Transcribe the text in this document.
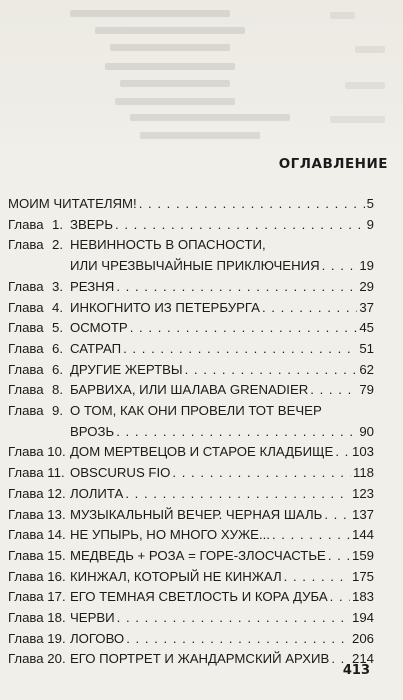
ОГЛАВЛЕНИЕ
МОИМ ЧИТАТЕЛЯМ! . . .	5
Глава 1. ЗВЕРЬ . . .	9
Глава 2. НЕВИННОСТЬ В ОПАСНОСТИ,
ИЛИ ЧРЕЗВЫЧАЙНЫЕ ПРИКЛЮЧЕНИЯ . . .	19
Глава 3. РЕЗНЯ . . .	29
Глава 4. ИНКОГНИТО ИЗ ПЕТЕРБУРГА . . .	37
Глава 5. ОСМОТР . . .	45
Глава 6. САТРАП . . .	51
Глава 6. ДРУГИЕ ЖЕРТВЫ . . .	62
Глава 8. БАРВИХА, ИЛИ ШАЛАВА GRENADIER . . .	79
Глава 9. О ТОМ, КАК ОНИ ПРОВЕЛИ ТОТ ВЕЧЕР
ВРОЗЬ . . .	90
Глава 10. ДОМ МЕРТВЕЦОВ И СТАРОЕ КЛАДБИЩЕ . . . 103
Глава 11. OBSCURUS FIO . . .	118
Глава 12. ЛОЛИТА . . .	123
Глава 13. МУЗЫКАЛЬНЫЙ ВЕЧЕР. ЧЕРНАЯ ШАЛЬ . . . 137
Глава 14. НЕ УПЫРЬ, НО МНОГО ХУЖЕ... . . .	144
Глава 15. МЕДВЕДЬ + РОЗА = ГОРЕ-ЗЛОСЧАСТЬЕ . . . 159
Глава 16. КИНЖАЛ, КОТОРЫЙ НЕ КИНЖАЛ . . .	175
Глава 17. ЕГО ТЕМНАЯ СВЕТЛОСТЬ И КОРА ДУБА . . . 183
Глава 18. ЧЕРВИ . . .	194
Глава 19. ЛОГОВО . . .	206
Глава 20. ЕГО ПОРТРЕТ И ЖАНДАРМСКИЙ АРХИВ . . . 214
413
